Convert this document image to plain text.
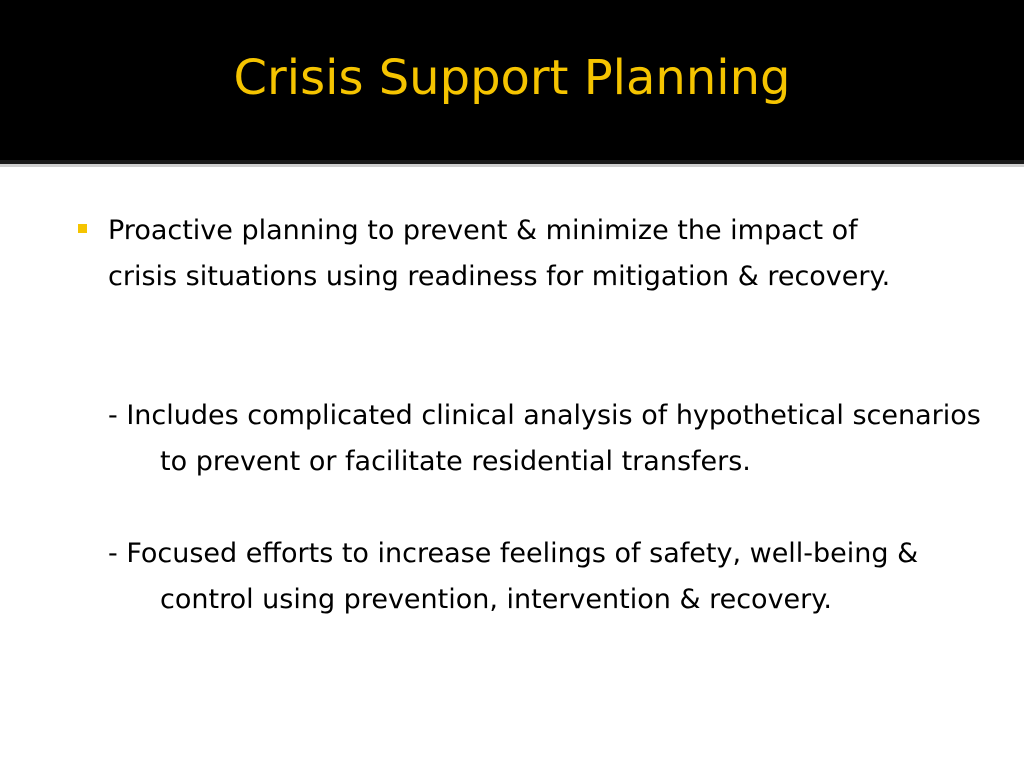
Crisis Support Planning

Proactive planning to prevent & minimize the impact of crisis situations using readiness for mitigation & recovery.

- Includes complicated clinical analysis of hypothetical scenarios to prevent or facilitate residential transfers.

- Focused efforts to increase feelings of safety, well-being & control using prevention, intervention & recovery.
